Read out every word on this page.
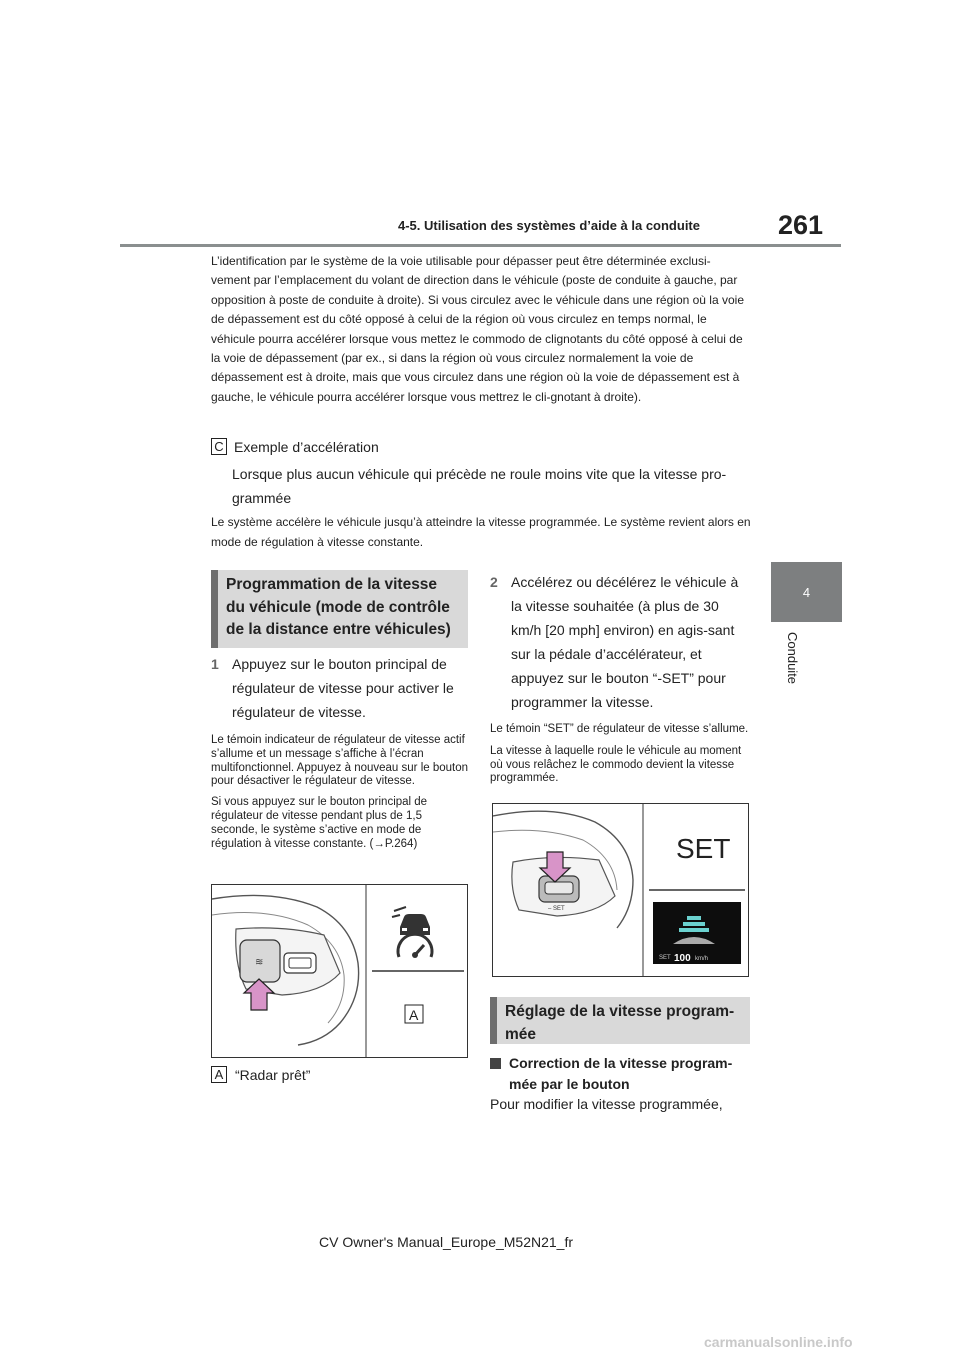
4-5. Utilisation des systèmes d’aide à la conduite	261
4
Conduite
L’identification par le système de la voie utilisable pour dépasser peut être déterminée exclusi-vement par l’emplacement du volant de direction dans le véhicule (poste de conduite à gauche, par opposition à poste de conduite à droite). Si vous circulez avec le véhicule dans une région où la voie de dépassement est du côté opposé à celui de la région où vous circulez en temps normal, le véhicule pourra accélérer lorsque vous mettez le commodo de clignotants du côté opposé à celui de la voie de dépassement (par ex., si dans la région où vous circulez normalement la voie de dépassement est à droite, mais que vous circulez dans une région où la voie de dépassement est à gauche, le véhicule pourra accélérer lorsque vous mettrez le cli-gnotant à droite).
C Exemple d’accélération
Lorsque plus aucun véhicule qui précède ne roule moins vite que la vitesse pro-grammée
Le système accélère le véhicule jusqu’à atteindre la vitesse programmée. Le système revient alors en mode de régulation à vitesse constante.
Programmation de la vitesse du véhicule (mode de contrôle de la distance entre véhicules)
1 Appuyez sur le bouton principal de régulateur de vitesse pour activer le régulateur de vitesse.
Le témoin indicateur de régulateur de vitesse actif s’allume et un message s’affiche à l’écran multifonctionnel. Appuyez à nouveau sur le bouton pour désactiver le régulateur de vitesse.
Si vous appuyez sur le bouton principal de régulateur de vitesse pendant plus de 1,5 seconde, le système s’active en mode de régulation à vitesse constante. (→P.264)
≋
A
A “Radar prêt”
2 Accélérez ou décélérez le véhicule à la vitesse souhaitée (à plus de 30 km/h [20 mph] environ) en agis-sant sur la pédale d’accélérateur, et appuyez sur le bouton “-SET” pour programmer la vitesse.
Le témoin “SET” de régulateur de vitesse s’allume.
La vitesse à laquelle roule le véhicule au moment où vous relâchez le commodo devient la vitesse programmée.
– SET
SET
SET 100 km/h
Réglage de la vitesse program-mée
Correction de la vitesse program-mée par le bouton
Pour modifier la vitesse programmée,
CV Owner's Manual_Europe_M52N21_fr
carmanualsonline.info
